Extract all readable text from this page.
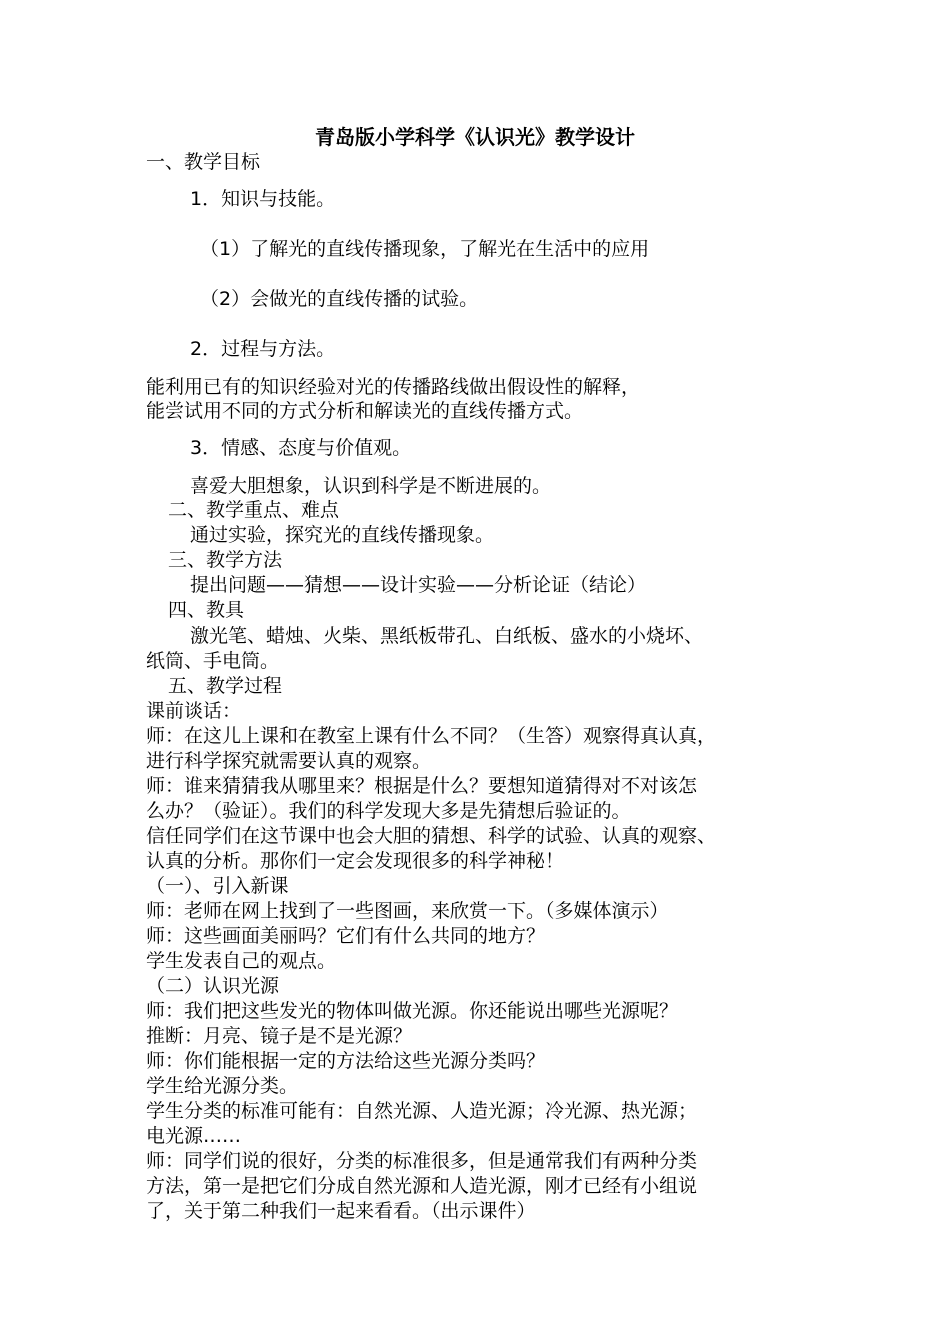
青岛版小学科学《认识光》教学设计

一、教学目标

1．知识与技能。

（1）了解光的直线传播现象，了解光在生活中的应用

（2）会做光的直线传播的试验。

2．过程与方法。

能利用已有的知识经验对光的传播路线做出假设性的解释，

能尝试用不同的方式分析和解读光的直线传播方式。

3．情感、态度与价值观。

喜爱大胆想象，认识到科学是不断进展的。

二、教学重点、难点

通过实验，探究光的直线传播现象。

三、教学方法

提出问题——猜想——设计实验——分析论证（结论）

四、教具

激光笔、蜡烛、火柴、黑纸板带孔、白纸板、盛水的小烧坏、

纸筒、手电筒。

五、教学过程

课前谈话：

师：在这儿上课和在教室上课有什么不同？（生答）观察得真认真，

进行科学探究就需要认真的观察。

师：谁来猜猜我从哪里来？根据是什么？要想知道猜得对不对该怎

么办？（验证）。我们的科学发现大多是先猜想后验证的。

信任同学们在这节课中也会大胆的猜想、科学的试验、认真的观察、

认真的分析。那你们一定会发现很多的科学神秘！

（一）、引入新课

师：老师在网上找到了一些图画，来欣赏一下。（多媒体演示）

师：这些画面美丽吗？它们有什么共同的地方？

学生发表自己的观点。

（二）认识光源

师：我们把这些发光的物体叫做光源。你还能说出哪些光源呢？

推断：月亮、镜子是不是光源？

师：你们能根据一定的方法给这些光源分类吗？

学生给光源分类。

学生分类的标准可能有：自然光源、人造光源；冷光源、热光源；

电光源……

师：同学们说的很好，分类的标准很多，但是通常我们有两种分类

方法，第一是把它们分成自然光源和人造光源，刚才已经有小组说

了，关于第二种我们一起来看看。（出示课件）
